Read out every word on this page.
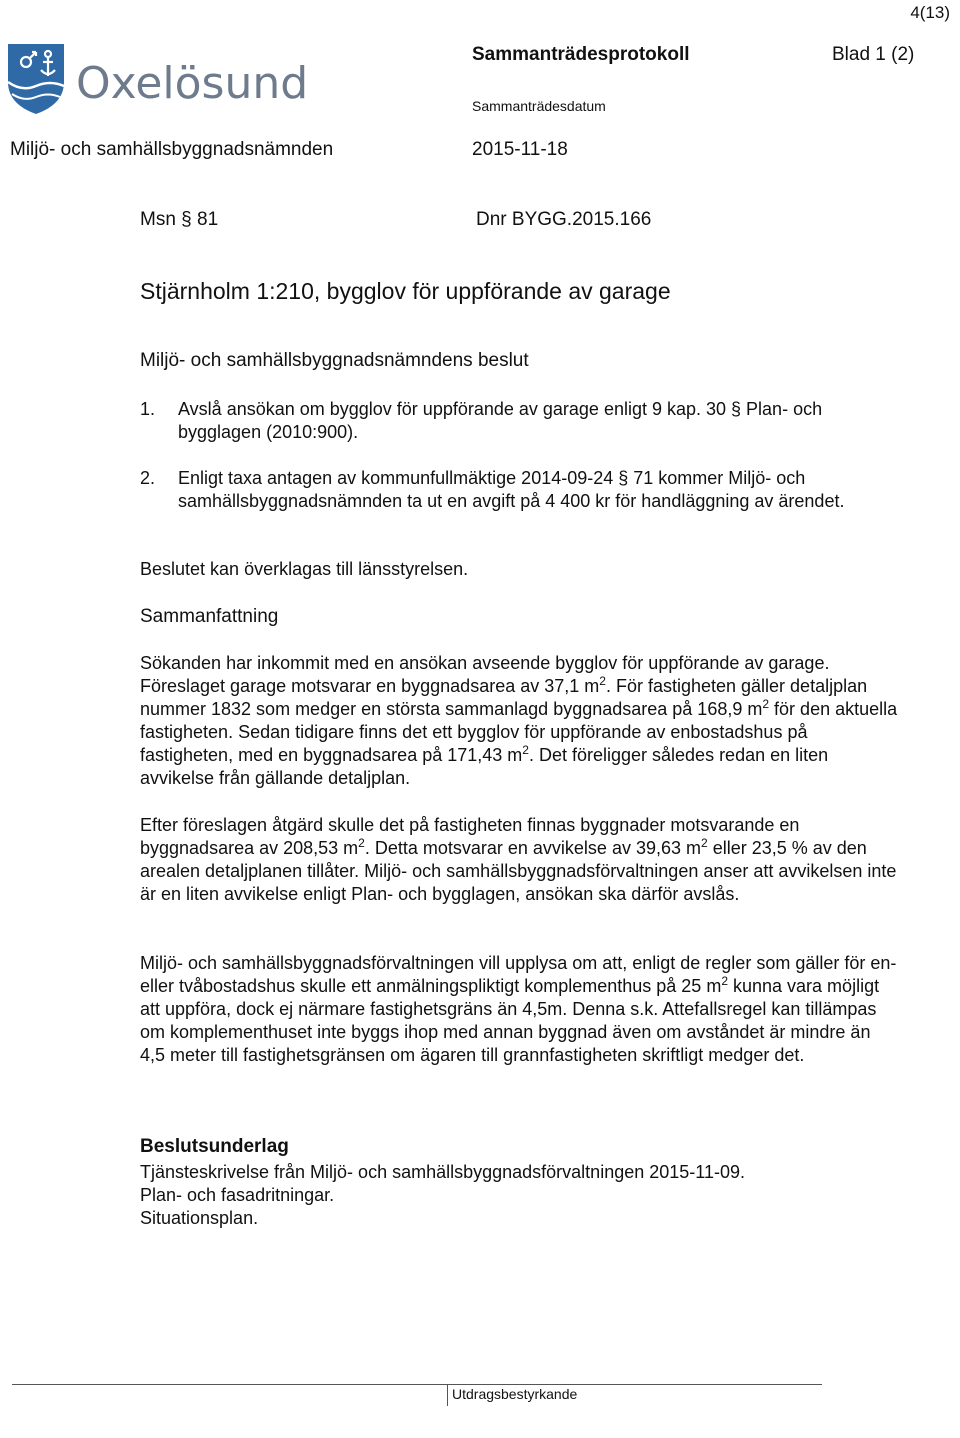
4(13)
Oxelösund
Sammanträdesprotokoll	Blad 1 (2)
Sammanträdesdatum
Miljö- och samhällsbyggnadsnämnden	2015-11-18
Msn § 81	Dnr BYGG.2015.166
Stjärnholm 1:210, bygglov för uppförande av garage
Miljö- och samhällsbyggnadsnämndens beslut
1.	Avslå ansökan om bygglov för uppförande av garage enligt 9 kap. 30 § Plan- och bygglagen (2010:900).
2.	Enligt taxa antagen av kommunfullmäktige 2014-09-24 § 71 kommer Miljö- och samhällsbyggnadsnämnden ta ut en avgift på 4 400 kr för handläggning av ärendet.
Beslutet kan överklagas till länsstyrelsen.
Sammanfattning
Sökanden har inkommit med en ansökan avseende bygglov för uppförande av garage. Föreslaget garage motsvarar en byggnadsarea av 37,1 $m^2$. För fastigheten gäller detaljplan nummer 1832 som medger en största sammanlagd byggnadsarea på 168,9 $m^2$ för den aktuella fastigheten. Sedan tidigare finns det ett bygglov för uppförande av enbostadshus på fastigheten, med en byggnadsarea på 171,43 $m^2$. Det föreligger således redan en liten avvikelse från gällande detaljplan.
Efter föreslagen åtgärd skulle det på fastigheten finnas byggnader motsvarande en byggnadsarea av 208,53 $m^2$. Detta motsvarar en avvikelse av 39,63 $m^2$ eller 23,5 % av den arealen detaljplanen tillåter. Miljö- och samhällsbyggnadsförvaltningen anser att avvikelsen inte är en liten avvikelse enligt Plan- och bygglagen, ansökan ska därför avslås.
Miljö- och samhällsbyggnadsförvaltningen vill upplysa om att, enligt de regler som gäller för en- eller tvåbostadshus skulle ett anmälningspliktigt komplementhus på 25 $m^2$ kunna vara möjligt att uppföra, dock ej närmare fastighetsgräns än 4,5m. Denna s.k. Attefallsregel kan tillämpas om komplementhuset inte byggs ihop med annan byggnad även om avståndet är mindre än 4,5 meter till fastighetsgränsen om ägaren till grannfastigheten skriftligt medger det.
Beslutsunderlag
Tjänsteskrivelse från Miljö- och samhällsbyggnadsförvaltningen 2015-11-09.
Plan- och fasadritningar.
Situationsplan.
Utdragsbestyrkande
